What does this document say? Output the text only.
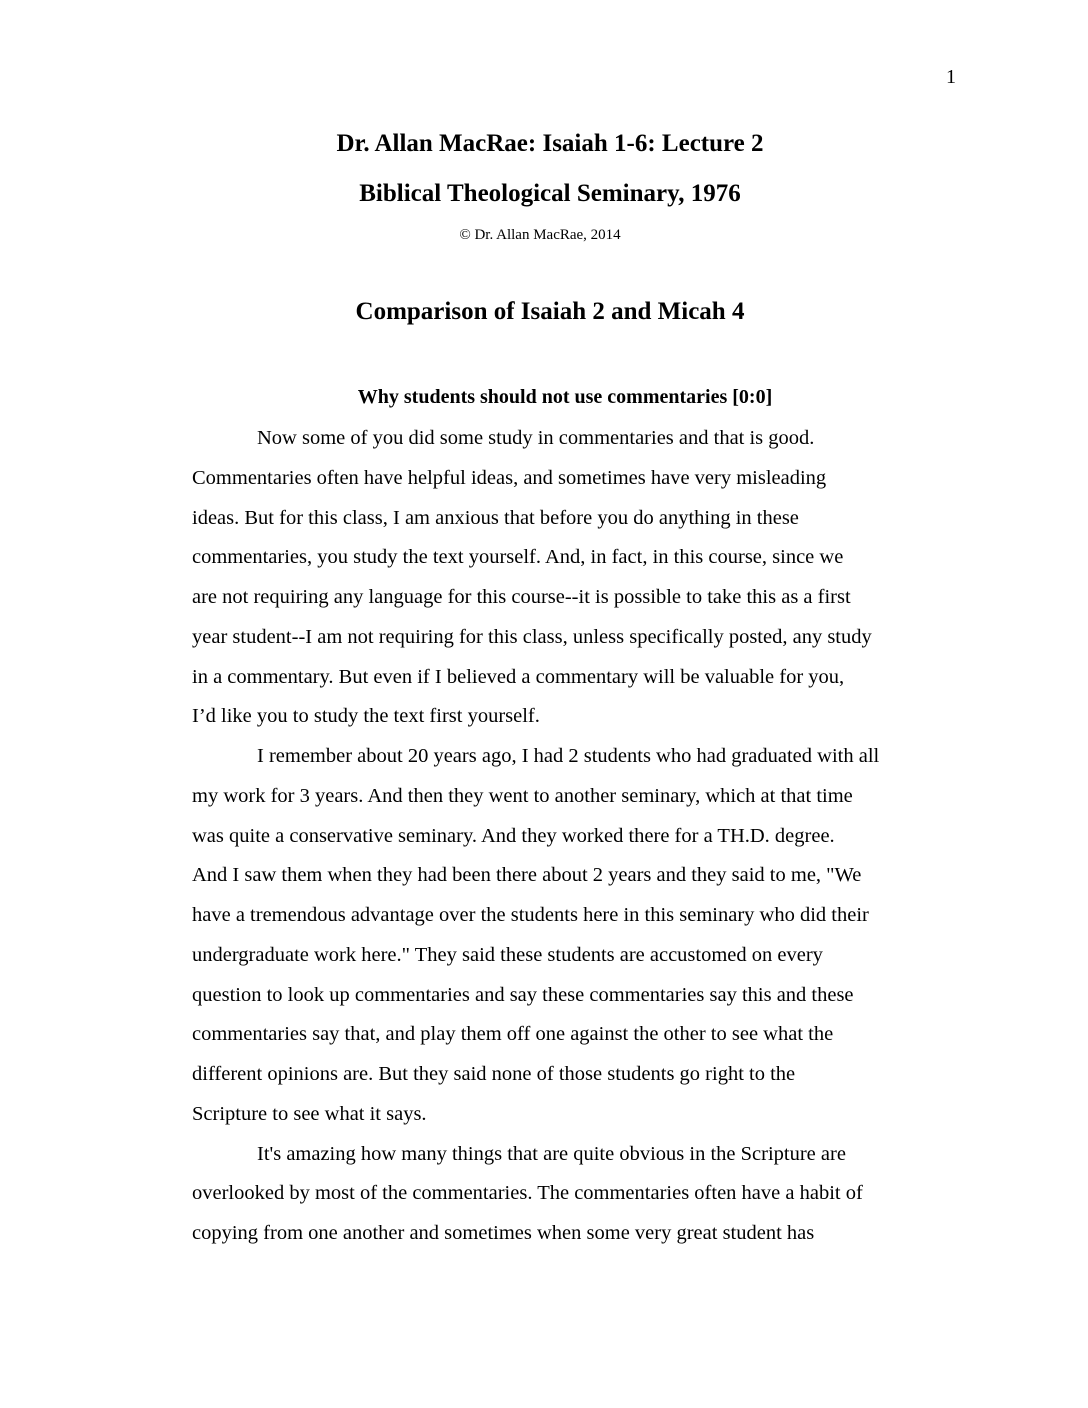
1
Dr. Allan MacRae: Isaiah 1-6: Lecture 2
Biblical Theological Seminary, 1976
© Dr. Allan MacRae, 2014
Comparison of Isaiah 2 and Micah 4
Why students should not use commentaries [0:0]
Now some of you did some study in commentaries and that is good.
Commentaries often have helpful ideas, and sometimes have very misleading
ideas. But for this class, I am anxious that before you do anything in these
commentaries, you study the text yourself. And, in fact, in this course, since we
are not requiring any language for this course--it is possible to take this as a first
year student--I am not requiring for this class, unless specifically posted, any study
in a commentary. But even if I believed a commentary will be valuable for you,
I’d like you to study the text first yourself.
I remember about 20 years ago, I had 2 students who had graduated with all
my work for 3 years. And then they went to another seminary, which at that time
was quite a conservative seminary. And they worked there for a TH.D. degree.
And I saw them when they had been there about 2 years and they said to me, "We
have a tremendous advantage over the students here in this seminary who did their
undergraduate work here." They said these students are accustomed on every
question to look up commentaries and say these commentaries say this and these
commentaries say that, and play them off one against the other to see what the
different opinions are. But they said none of those students go right to the
Scripture to see what it says.
It's amazing how many things that are quite obvious in the Scripture are
overlooked by most of the commentaries. The commentaries often have a habit of
copying from one another and sometimes when some very great student has
